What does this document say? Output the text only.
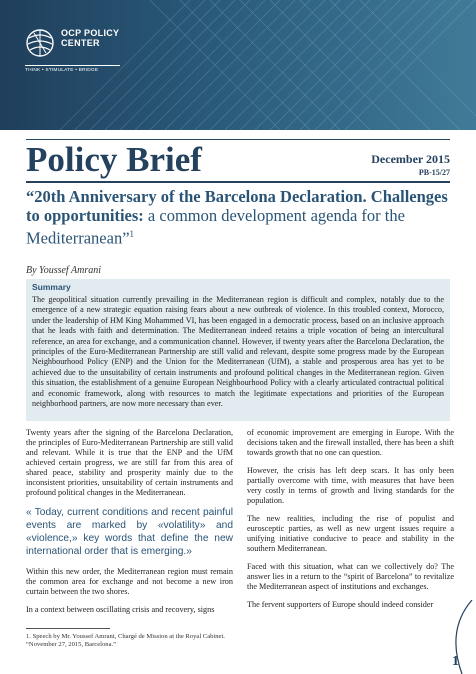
OCP POLICY CENTER
THINK • STIMULATE • BRIDGE
Policy Brief	December 2015
PB-15/27
“20th Anniversary of the Barcelona Declaration. Challenges to opportunities: a common development agenda for the Mediterranean”$^1$
By Youssef Amrani
Summary
The geopolitical situation currently prevailing in the Mediterranean region is difficult and complex, notably due to the emergence of a new strategic equation raising fears about a new outbreak of violence. In this troubled context, Morocco, under the leadership of HM King Mohammed VI, has been engaged in a democratic process, based on an inclusive approach that he leads with faith and determination. The Mediterranean indeed retains a triple vocation of being an intercultural reference, an area for exchange, and a communication channel. However, if twenty years after the Barcelona Declaration, the principles of the Euro-Mediterranean Partnership are still valid and relevant, despite some progress made by the European Neighbourhood Policy (ENP) and the Union for the Mediterranean (UfM), a stable and prosperous area has yet to be achieved due to the unsuitability of certain instruments and profound political changes in the Mediterranean region. Given this situation, the establishment of a genuine European Neighbourhood Policy with a clearly articulated contractual political and economic framework, along with resources to match the legitimate expectations and priorities of the European neighborhood partners, are now more necessary than ever.

Twenty years after the signing of the Barcelona Declaration, the principles of Euro-Mediterranean Partnership are still valid and relevant. While it is true that the ENP and the UfM achieved certain progress, we are still far from this area of shared peace, stability and prosperity mainly due to the inconsistent priorities, unsuitability of certain instruments and profound political changes in the Mediterranean.

« Today, current conditions and recent painful events are marked by «volatility» and «violence,» key words that define the new international order that is emerging.»

Within this new order, the Mediterranean region must remain the common area for exchange and not become a new iron curtain between the two shores.

In a context between oscillating crisis and recovery, signs

of economic improvement are emerging in Europe. With the decisions taken and the firewall installed, there has been a shift towards growth that no one can question.

However, the crisis has left deep scars. It has only been partially overcome with time, with measures that have been very costly in terms of growth and living standards for the population.

The new realities, including the rise of populist and eurosceptic parties, as well as new urgent issues require a unifying initiative conducive to peace and stability in the southern Mediterranean.

Faced with this situation, what can we collectively do? The answer lies in a return to the “spirit of Barcelona” to revitalize the Mediterranean aspect of institutions and exchanges.

The fervent supporters of Europe should indeed consider

1. Speech by Mr. Youssef Amrani, Chargé de Mission at the Royal Cabinet. “November 27, 2015, Barcelona.”
1
